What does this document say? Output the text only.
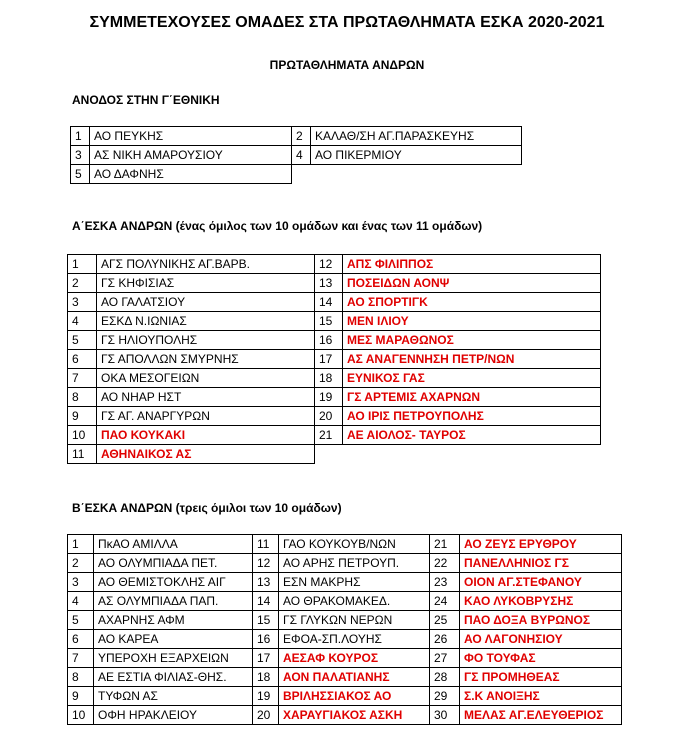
ΣΥΜΜΕΤΕΧΟΥΣΕΣ ΟΜΑΔΕΣ ΣΤΑ ΠΡΩΤΑΘΛΗΜΑΤΑ ΕΣΚΑ 2020-2021
ΠΡΩΤΑΘΛΗΜΑΤΑ ΑΝΔΡΩΝ
ΑΝΟΔΟΣ ΣΤΗΝ Γ΄ΕΘΝΙΚΗ
1	ΑΟ ΠΕΥΚΗΣ	2	ΚΑΛΑΘ/ΣΗ ΑΓ.ΠΑΡΑΣΚΕΥΗΣ
3	ΑΣ ΝΙΚΗ ΑΜΑΡΟΥΣΙΟΥ	4	ΑΟ ΠΙΚΕΡΜΙΟΥ
5	ΑΟ ΔΑΦΝΗΣ		
Α΄ΕΣΚΑ ΑΝΔΡΩΝ (ένας όμιλος των 10 ομάδων και ένας των 11 ομάδων)
1	ΑΓΣ ΠΟΛΥΝΙΚΗΣ ΑΓ.ΒΑΡΒ.	12	ΑΠΣ ΦΙΛΙΠΠΟΣ
2	ΓΣ ΚΗΦΙΣΙΑΣ	13	ΠΟΣΕΙΔΩΝ ΑΟΝΨ
3	ΑΟ ΓΑΛΑΤΣΙΟΥ	14	ΑΟ ΣΠΟΡΤΙΓΚ
4	ΕΣΚΔ Ν.ΙΩΝΙΑΣ	15	ΜΕΝ ΙΛΙΟΥ
5	ΓΣ ΗΛΙΟΥΠΟΛΗΣ	16	ΜΕΣ ΜΑΡΑΘΩΝΟΣ
6	ΓΣ ΑΠΟΛΛΩΝ ΣΜΥΡΝΗΣ	17	ΑΣ ΑΝΑΓΕΝΝΗΣΗ ΠΕΤΡ/ΝΩΝ
7	ΟΚΑ ΜΕΣΟΓΕΙΩΝ	18	ΕΥΝΙΚΟΣ ΓΑΣ
8	ΑΟ ΝΗΑΡ ΗΣΤ	19	ΓΣ ΑΡΤΕΜΙΣ ΑΧΑΡΝΩΝ
9	ΓΣ ΑΓ. ΑΝΑΡΓΥΡΩΝ	20	ΑΟ ΙΡΙΣ ΠΕΤΡΟΥΠΟΛΗΣ
10	ΠΑΟ ΚΟΥΚΑΚΙ	21	ΑΕ ΑΙΟΛΟΣ- ΤΑΥΡΟΣ
11	ΑΘΗΝΑΙΚΟΣ ΑΣ		
Β΄ΕΣΚΑ ΑΝΔΡΩΝ (τρεις όμιλοι των 10 ομάδων)
1	ΠκΑΟ ΑΜΙΛΛΑ	11	ΓΑΟ ΚΟΥΚΟΥΒ/ΝΩΝ	21	ΑΟ ΖΕΥΣ ΕΡΥΘΡΟΥ
2	ΑΟ ΟΛΥΜΠΙΑΔΑ ΠΕΤ.	12	ΑΟ ΑΡΗΣ ΠΕΤΡΟΥΠ.	22	ΠΑΝΕΛΛΗΝΙΟΣ ΓΣ
3	ΑΟ ΘΕΜΙΣΤΟΚΛΗΣ ΑΙΓ	13	ΕΣΝ ΜΑΚΡΗΣ	23	ΟΙΟΝ ΑΓ.ΣΤΕΦΑΝΟΥ
4	ΑΣ ΟΛΥΜΠΙΑΔΑ ΠΑΠ.	14	ΑΟ ΘΡΑΚΟΜΑΚΕΔ.	24	ΚΑΟ ΛΥΚΟΒΡΥΣΗΣ
5	ΑΧΑΡΝΗΣ ΑΦΜ	15	ΓΣ ΓΛΥΚΩΝ ΝΕΡΩΝ	25	ΠΑΟ ΔΟΞΑ ΒΥΡΩΝΟΣ
6	ΑΟ ΚΑΡΕΑ	16	ΕΦΟΑ-ΣΠ.ΛΟΥΗΣ	26	ΑΟ ΛΑΓΟΝΗΣΙΟΥ
7	ΥΠΕΡΟΧΗ ΕΞΑΡΧΕΙΩΝ	17	ΑΕΣΑΦ ΚΟΥΡΟΣ	27	ΦΟ ΤΟΥΦΑΣ
8	ΑΕ ΕΣΤΙΑ ΦΙΛΙΑΣ-ΘΗΣ.	18	ΑΟΝ ΠΑΛΑΤΙΑΝΗΣ	28	ΓΣ ΠΡΟΜΗΘΕΑΣ
9	ΤΥΦΩΝ ΑΣ	19	ΒΡΙΛΗΣΣΙΑΚΟΣ ΑΟ	29	Σ.Κ ΑΝΟΙΞΗΣ
10	ΟΦΗ ΗΡΑΚΛΕΙΟΥ	20	ΧΑΡΑΥΓΙΑΚΟΣ ΑΣΚΗ	30	ΜΕΛΑΣ ΑΓ.ΕΛΕΥΘΕΡΙΟΣ
